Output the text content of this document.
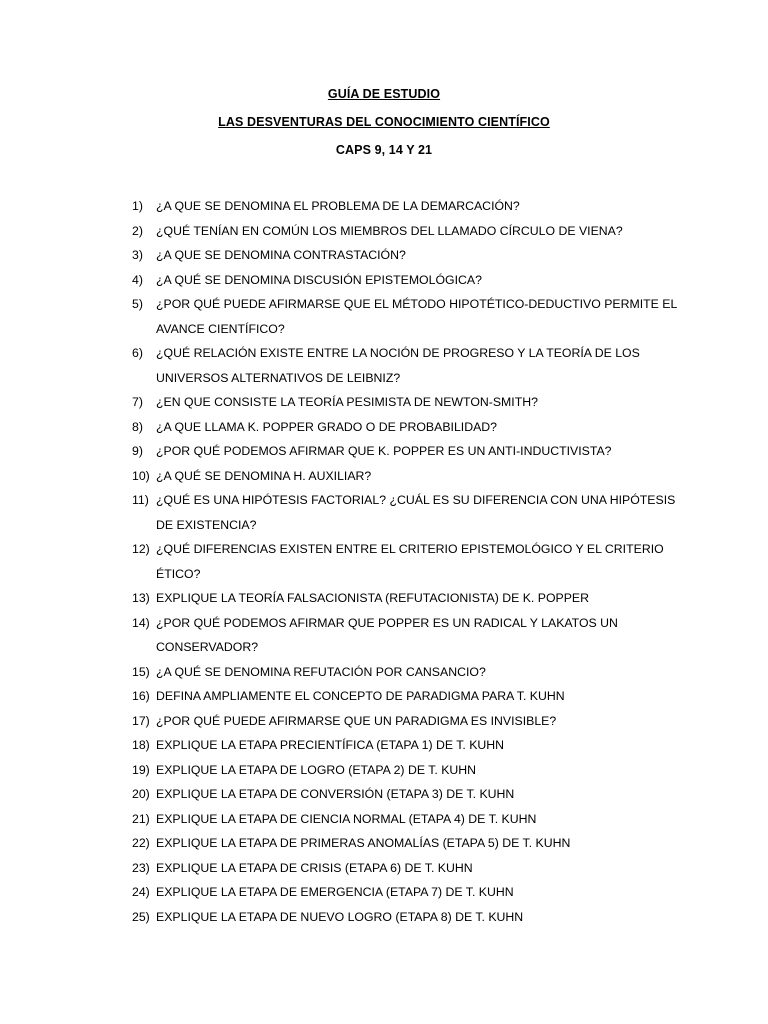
GUÍA DE ESTUDIO
LAS DESVENTURAS DEL CONOCIMIENTO CIENTÍFICO
CAPS 9, 14 Y 21
1) ¿A QUE SE DENOMINA EL PROBLEMA DE LA DEMARCACIÓN?
2) ¿QUÉ TENÍAN EN COMÚN LOS MIEMBROS DEL LLAMADO CÍRCULO DE VIENA?
3) ¿A QUE SE DENOMINA CONTRASTACIÓN?
4) ¿A QUÉ SE DENOMINA DISCUSIÓN EPISTEMOLÓGICA?
5) ¿POR QUÉ PUEDE AFIRMARSE QUE EL MÉTODO HIPOTÉTICO-DEDUCTIVO PERMITE EL
AVANCE CIENTÍFICO?
6) ¿QUÉ RELACIÓN EXISTE ENTRE LA NOCIÓN DE PROGRESO Y LA TEORÍA DE LOS
UNIVERSOS ALTERNATIVOS DE LEIBNIZ?
7) ¿EN QUE CONSISTE LA TEORÍA PESIMISTA DE NEWTON-SMITH?
8) ¿A QUE LLAMA K. POPPER GRADO O DE PROBABILIDAD?
9) ¿POR QUÉ PODEMOS AFIRMAR QUE K. POPPER ES UN ANTI-INDUCTIVISTA?
10) ¿A QUÉ SE DENOMINA H. AUXILIAR?
11) ¿QUÉ ES UNA HIPÓTESIS FACTORIAL? ¿CUÁL ES SU DIFERENCIA CON UNA HIPÓTESIS
DE EXISTENCIA?
12) ¿QUÉ DIFERENCIAS EXISTEN ENTRE EL CRITERIO EPISTEMOLÓGICO Y EL CRITERIO
ÉTICO?
13) EXPLIQUE LA TEORÍA FALSACIONISTA (REFUTACIONISTA) DE K. POPPER
14) ¿POR QUÉ PODEMOS AFIRMAR QUE POPPER ES UN RADICAL Y LAKATOS UN
CONSERVADOR?
15) ¿A QUÉ SE DENOMINA REFUTACIÓN POR CANSANCIO?
16) DEFINA AMPLIAMENTE EL CONCEPTO DE PARADIGMA PARA T. KUHN
17) ¿POR QUÉ PUEDE AFIRMARSE QUE UN PARADIGMA ES INVISIBLE?
18) EXPLIQUE LA ETAPA PRECIENTÍFICA (ETAPA 1) DE T. KUHN
19) EXPLIQUE LA ETAPA DE LOGRO (ETAPA 2) DE T. KUHN
20) EXPLIQUE LA ETAPA DE CONVERSIÓN (ETAPA 3) DE T. KUHN
21) EXPLIQUE LA ETAPA DE CIENCIA NORMAL (ETAPA 4) DE T. KUHN
22) EXPLIQUE LA ETAPA DE PRIMERAS ANOMALÍAS (ETAPA 5) DE T. KUHN
23) EXPLIQUE LA ETAPA DE CRISIS (ETAPA 6) DE T. KUHN
24) EXPLIQUE LA ETAPA DE EMERGENCIA (ETAPA 7) DE T. KUHN
25) EXPLIQUE LA ETAPA DE NUEVO LOGRO (ETAPA 8) DE T. KUHN
